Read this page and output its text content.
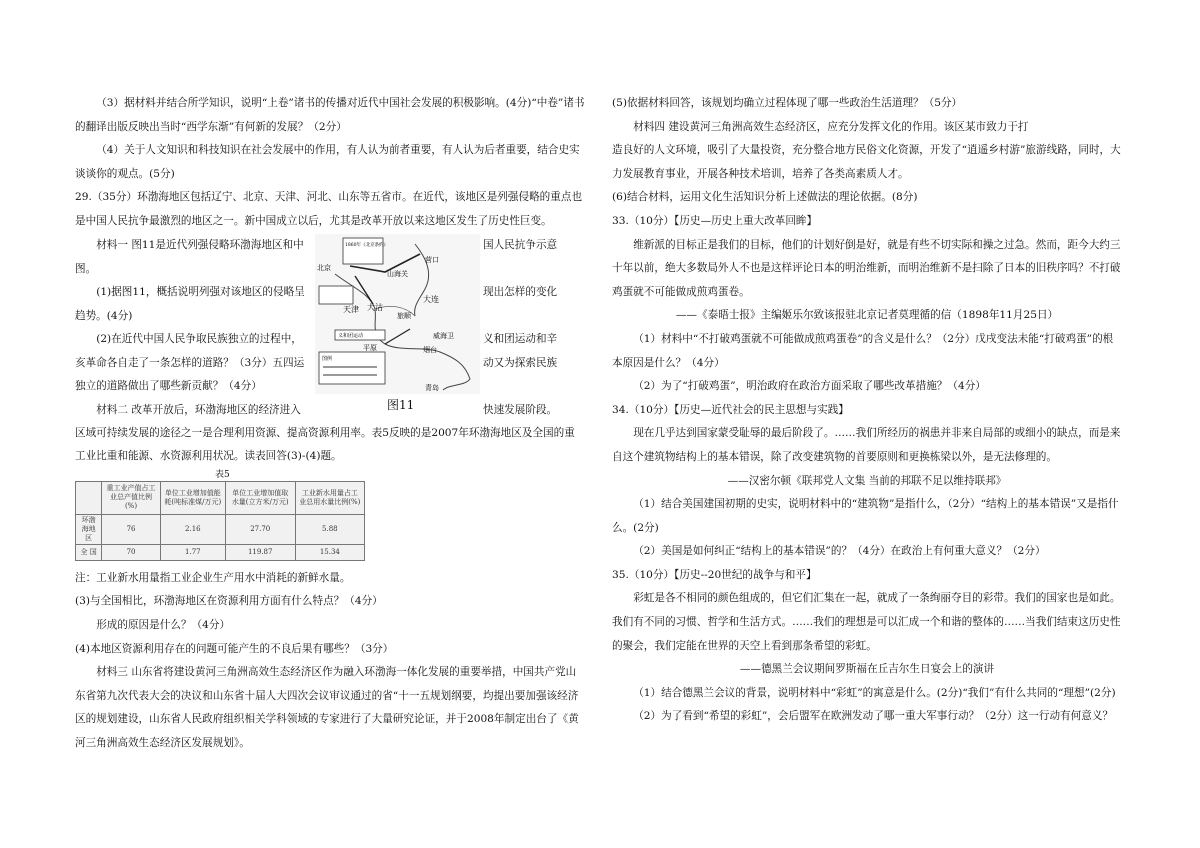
（3）据材料并结合所学知识，说明“上卷”诸书的传播对近代中国社会发展的积极影响。(4分)“中卷”诸书的翻译出版反映出当时“西学东渐”有何新的发展？（2分）

（4）关于人文知识和科技知识在社会发展中的作用，有人认为前者重要，有人认为后者重要，结合史实谈谈你的观点。(5分)

29.（35分）环渤海地区包括辽宁、北京、天津、河北、山东等五省市。在近代，该地区是列强侵略的重点也是中国人民抗争最激烈的地区之一。新中国成立以后，尤其是改革开放以来这地区发生了历史性巨变。

材料一 图11是近代列强侵略环渤海地区和中	国人民抗争示意
图。
(1)据图11，概括说明列强对该地区的侵略呈	现出怎样的变化
趋势。(4分)
(2)在近代中国人民争取民族独立的过程中，	义和团运动和辛
亥革命各自走了一条怎样的道路？（3分）五四运	动又为探索民族
独立的道路做出了哪些新贡献？（4分）
材料二 改革开放后，环渤海地区的经济进入	快速发展阶段。
1860年《北京条约》
义和团运动
图例
北京
山海关
营口
天津 大沽
大连
旅顺
威海卫
烟台
平原
青岛
图11

区域可持续发展的途径之一是合理利用资源、提高资源利用率。表5反映的是2007年环渤海地区及全国的重工业比重和能源、水资源利用状况。读表回答(3)-(4)题。

表5
	重工业产值占工业总产值比例(%)	单位工业增加值能耗(吨标准煤/万元)	单位工业增加值取水量(立方米/万元)	工业新水用量占工业总用水量比例(%)
环渤海地区	76	2.16	27.70	5.88
全 国	70	1.77	119.87	15.34

注：工业新水用量指工业企业生产用水中消耗的新鲜水量。

(3)与全国相比，环渤海地区在资源利用方面有什么特点？（4分）

形成的原因是什么？（4分）

(4)本地区资源利用存在的问题可能产生的不良后果有哪些？（3分）

材料三 山东省将建设黄河三角洲高效生态经济区作为融入环渤海一体化发展的重要举措，中国共产党山东省第九次代表大会的决议和山东省十届人大四次会议审议通过的省“十一五规划纲要，均提出要加强该经济区的规划建设，山东省人民政府组织相关学科领域的专家进行了大量研究论证，并于2008年制定出台了《黄河三角洲高效生态经济区发展规划》。

(5)依据材料回答，该规划均确立过程体现了哪一些政治生活道理？（5分）

材料四 建设黄河三角洲高效生态经济区，应充分发挥文化的作用。该区某市致力于打

造良好的人文环境，吸引了大量投资，充分整合地方民俗文化资源，开发了“逍遥乡村游”旅游线路，同时，大力发展教育事业，开展各种技术培训，培养了各类高素质人才。

(6)结合材料，运用文化生活知识分析上述做法的理论依据。(8分)

33.（10分）【历史—历史上重大改革回眸】

维新派的目标正是我们的目标，他们的计划好倒是好，就是有些不切实际和操之过急。然而，距今大约三十年以前，绝大多数局外人不也是这样评论日本的明治维新，而明治维新不是扫除了日本的旧秩序吗？不打破鸡蛋就不可能做成煎鸡蛋卷。

——《泰晤士报》主编姬乐尔致该报驻北京记者莫理循的信（1898年11月25日）

（1）材料中“不打破鸡蛋就不可能做成煎鸡蛋卷”的含义是什么？（2分）戊戌变法未能“打破鸡蛋”的根本原因是什么？（4分）

（2）为了“打破鸡蛋”，明治政府在政治方面采取了哪些改革措施？（4分）

34.（10分）【历史—近代社会的民主思想与实践】

现在几乎达到国家蒙受耻辱的最后阶段了。……我们所经历的祸患并非来自局部的或细小的缺点，而是来自这个建筑物结构上的基本错误，除了改变建筑物的首要原则和更换栋梁以外，是无法修理的。

——汉密尔顿《联邦党人文集 当前的邦联不足以维持联邦》

（1）结合美国建国初期的史实，说明材料中的“建筑物”是指什么，（2分）“结构上的基本错误”又是指什么。(2分)

（2）美国是如何纠正“结构上的基本错误”的？（4分）在政治上有何重大意义？（2分）

35.（10分）【历史--20世纪的战争与和平】

彩虹是各不相同的颜色组成的，但它们汇集在一起，就成了一条绚丽夺目的彩带。我们的国家也是如此。我们有不同的习惯、哲学和生活方式。……我们的理想是可以汇成一个和谐的整体的……当我们结束这历史性的聚会，我们定能在世界的天空上看到那条希望的彩虹。

——德黑兰会议期间罗斯福在丘吉尔生日宴会上的演讲

（1）结合德黑兰会议的背景，说明材料中“彩虹”的寓意是什么。(2分)“我们”有什么共同的“理想”(2分)

（2）为了看到“希望的彩虹”，会后盟军在欧洲发动了哪一重大军事行动？（2分）这一行动有何意义？
